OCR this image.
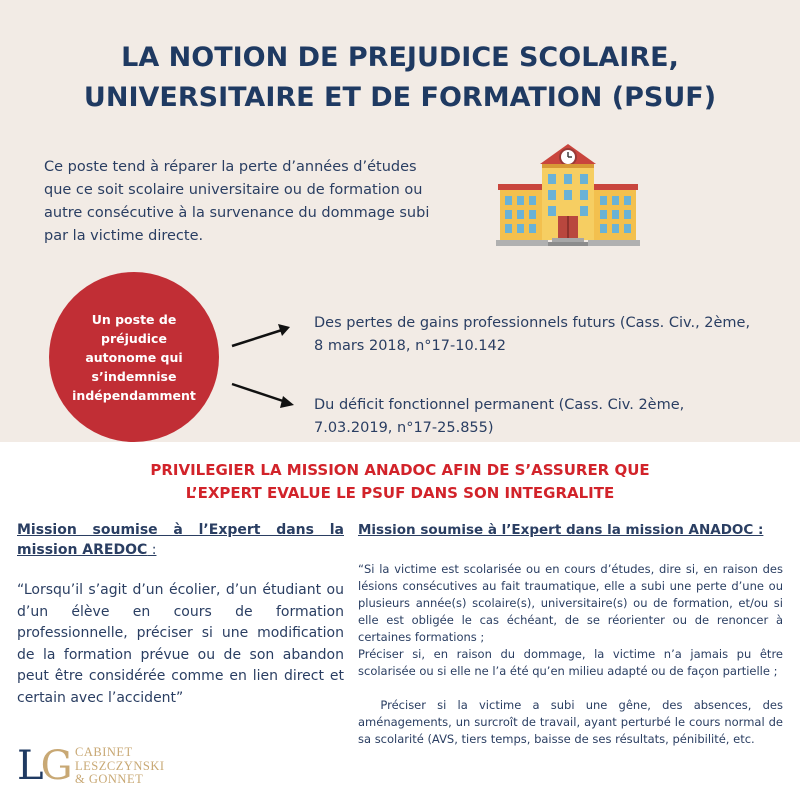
LA NOTION DE PREJUDICE SCOLAIRE,
UNIVERSITAIRE ET DE FORMATION (PSUF)

Ce poste tend à réparer la perte d’années d’études que ce soit scolaire universitaire ou de formation ou autre consécutive à la survenance du dommage subi par la victime directe.

Un poste de préjudice autonome qui s’indemnise indépendamment

Des pertes de gains professionnels futurs (Cass. Civ., 2ème, 8 mars 2018, n°17-10.142

Du déficit fonctionnel permanent (Cass. Civ. 2ème, 7.03.2019, n°17-25.855)

PRIVILEGIER LA MISSION ANADOC AFIN DE S’ASSURER QUE
L’EXPERT EVALUE LE PSUF DANS SON INTEGRALITE
Mission soumise à l’Expert dans la mission AREDOC :

“Lorsqu’il s’agit d’un écolier, d’un étudiant ou d’un élève en cours de formation professionnelle, préciser si une modification de la formation prévue ou de son abandon peut être considérée comme en lien direct et certain avec l’accident”

Mission soumise à l’Expert dans la mission ANADOC :

“Si la victime est scolarisée ou en cours d’études, dire si, en raison des lésions consécutives au fait traumatique, elle a subi une perte d’une ou plusieurs année(s) scolaire(s), universitaire(s) ou de formation, et/ou si elle est obligée le cas échéant, de se réorienter ou de renoncer à certaines formations ;

Préciser si, en raison du dommage, la victime n’a jamais pu être scolarisée ou si elle ne l’a été qu’en milieu adapté ou de façon partielle ;

Préciser si la victime a subi une gêne, des absences, des aménagements, un surcroît de travail, ayant perturbé le cours normal de sa scolarité (AVS, tiers temps, baisse de ses résultats, pénibilité, etc.

LG CABINET
LESZCZYNSKI
& GONNET
